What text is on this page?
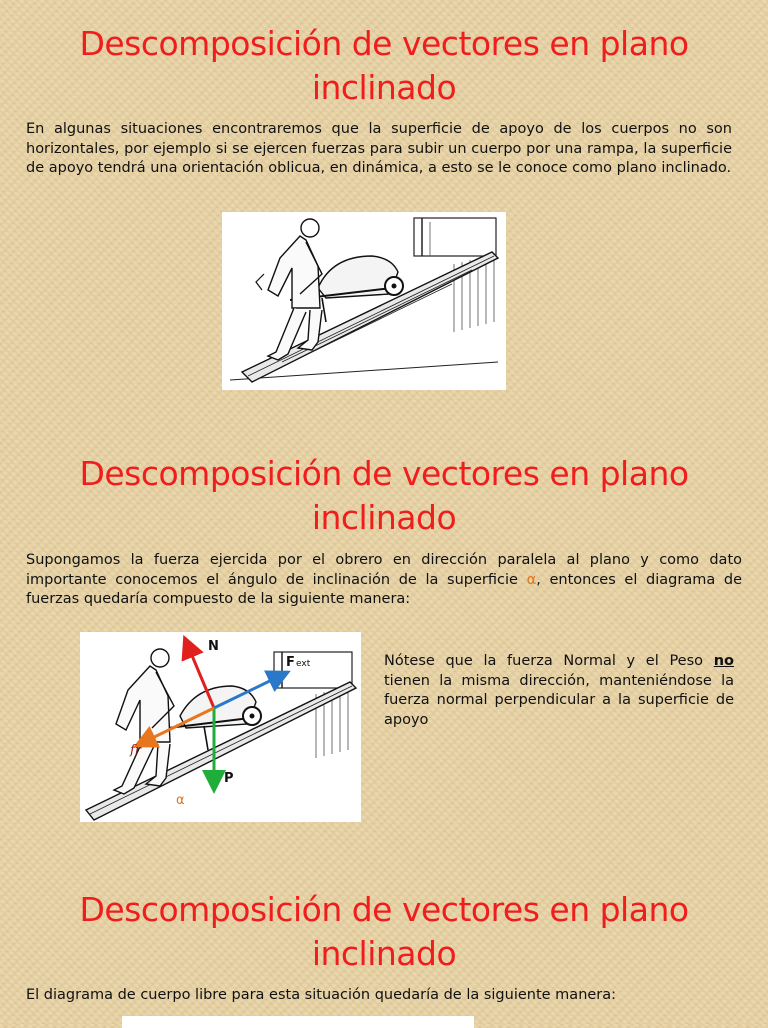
Descomposición de vectores en plano
inclinado
En algunas situaciones encontraremos que la superficie de apoyo de los cuerpos no son horizontales, por ejemplo si se ejercen fuerzas para subir un cuerpo por una rampa, la superficie de apoyo tendrá una orientación oblicua, en dinámica, a esto se le conoce como plano inclinado.
Descomposición de vectores en plano
inclinado
Supongamos la fuerza ejercida por el obrero en dirección paralela al plano y como dato importante conocemos el ángulo de inclinación de la superficie α, entonces el diagrama de fuerzas quedaría compuesto de la siguiente manera:
N
F ext
P
fr
α
Nótese que la fuerza Normal y el Peso no tienen la misma dirección, manteniéndose la fuerza normal perpendicular a la superficie de apoyo
Descomposición de vectores en plano
inclinado
El diagrama de cuerpo libre para esta situación quedaría de la siguiente manera:
